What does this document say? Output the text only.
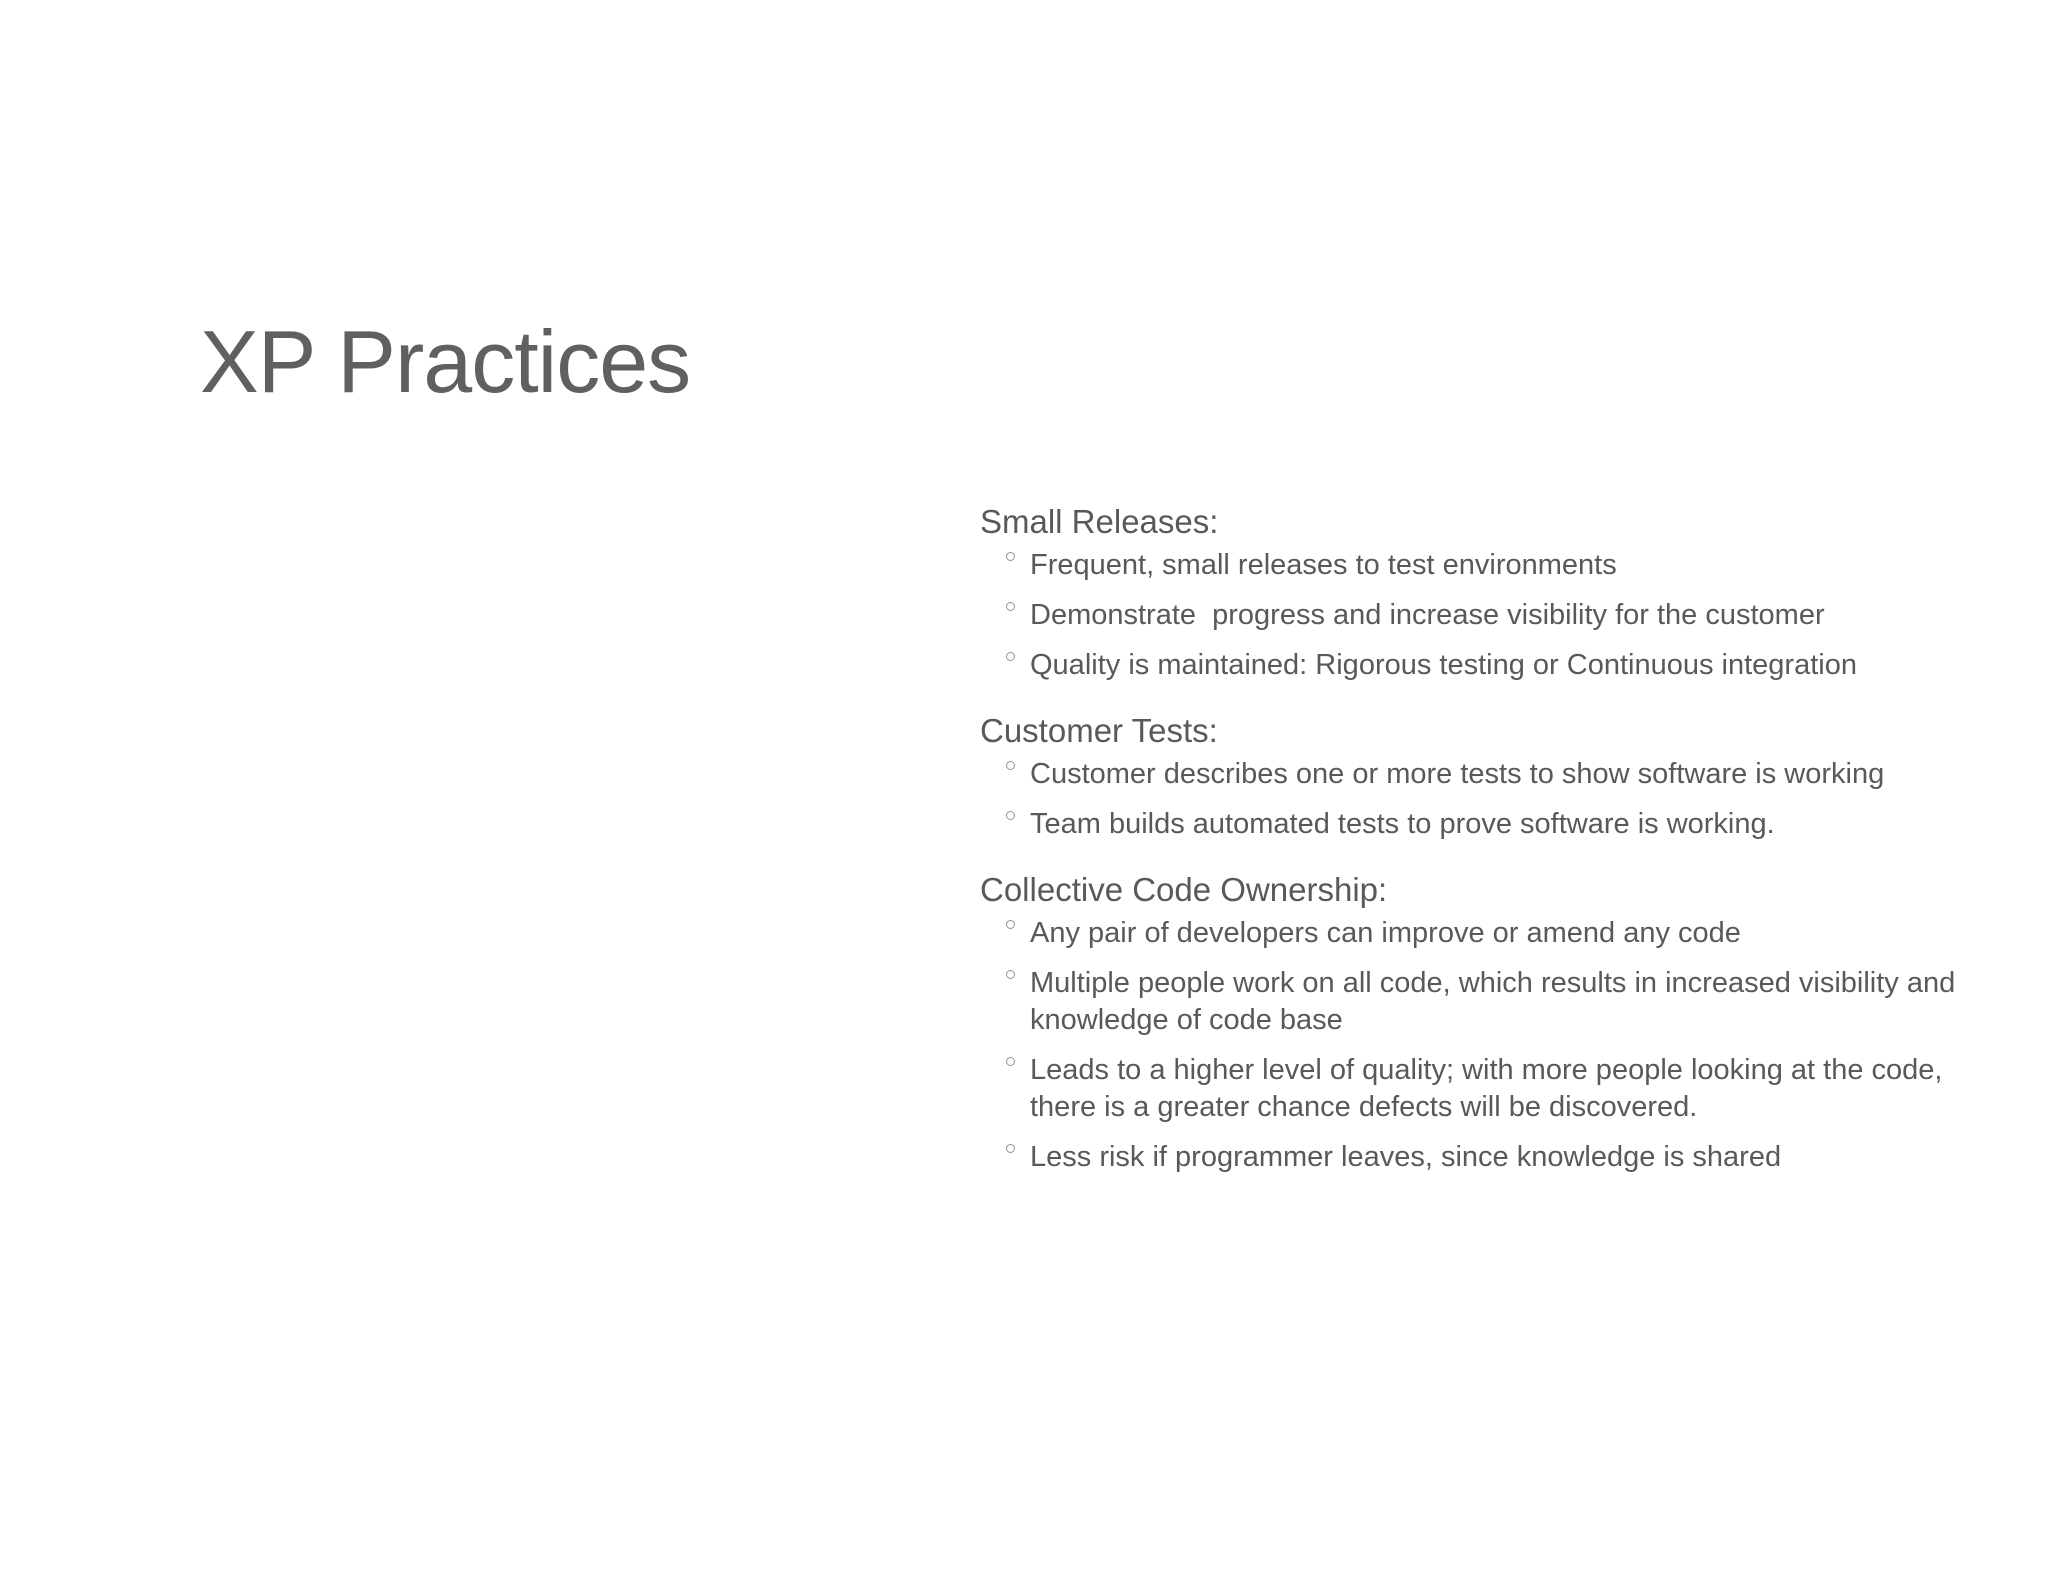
XP Practices
Small Releases:
Frequent, small releases to test environments
Demonstrate  progress and increase visibility for the customer
Quality is maintained: Rigorous testing or Continuous integration
Customer Tests:
Customer describes one or more tests to show software is working
Team builds automated tests to prove software is working.
Collective Code Ownership:
Any pair of developers can improve or amend any code
Multiple people work on all code, which results in increased visibility and knowledge of code base
Leads to a higher level of quality; with more people looking at the code, there is a greater chance defects will be discovered.
Less risk if programmer leaves, since knowledge is shared
